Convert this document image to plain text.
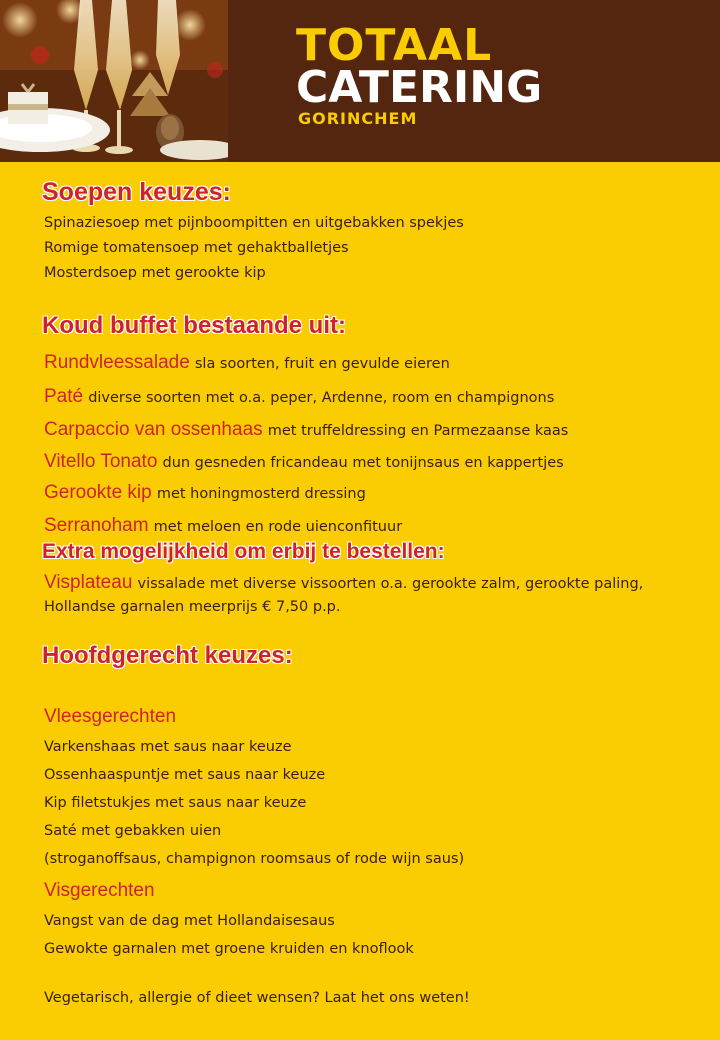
TOTAAL
CATERING
GORINCHEM
Soepen keuzes:
Spinaziesoep met pijnboompitten en uitgebakken spekjes
Romige tomatensoep met gehaktballetjes
Mosterdsoep met gerookte kip
Koud buffet bestaande uit:
Rundvleessalade sla soorten, fruit en gevulde eieren
Paté diverse soorten met o.a. peper, Ardenne, room en champignons
Carpaccio van ossenhaas met truffeldressing en Parmezaanse kaas
Vitello Tonato dun gesneden fricandeau met tonijnsaus en kappertjes
Gerookte kip met honingmosterd dressing
Serranoham met meloen en rode uienconfituur
Extra mogelijkheid om erbij te bestellen:
Visplateau vissalade met diverse vissoorten o.a. gerookte zalm, gerookte paling, Hollandse garnalen meerprijs € 7,50 p.p.
Hoofdgerecht keuzes:
Vleesgerechten
Varkenshaas met saus naar keuze
Ossenhaaspuntje met saus naar keuze
Kip filetstukjes met saus naar keuze
Saté met gebakken uien
(stroganoffsaus, champignon roomsaus of rode wijn saus)
Visgerechten
Vangst van de dag met Hollandaisesaus
Gewokte garnalen met groene kruiden en knoflook
Vegetarisch, allergie of dieet wensen? Laat het ons weten!
